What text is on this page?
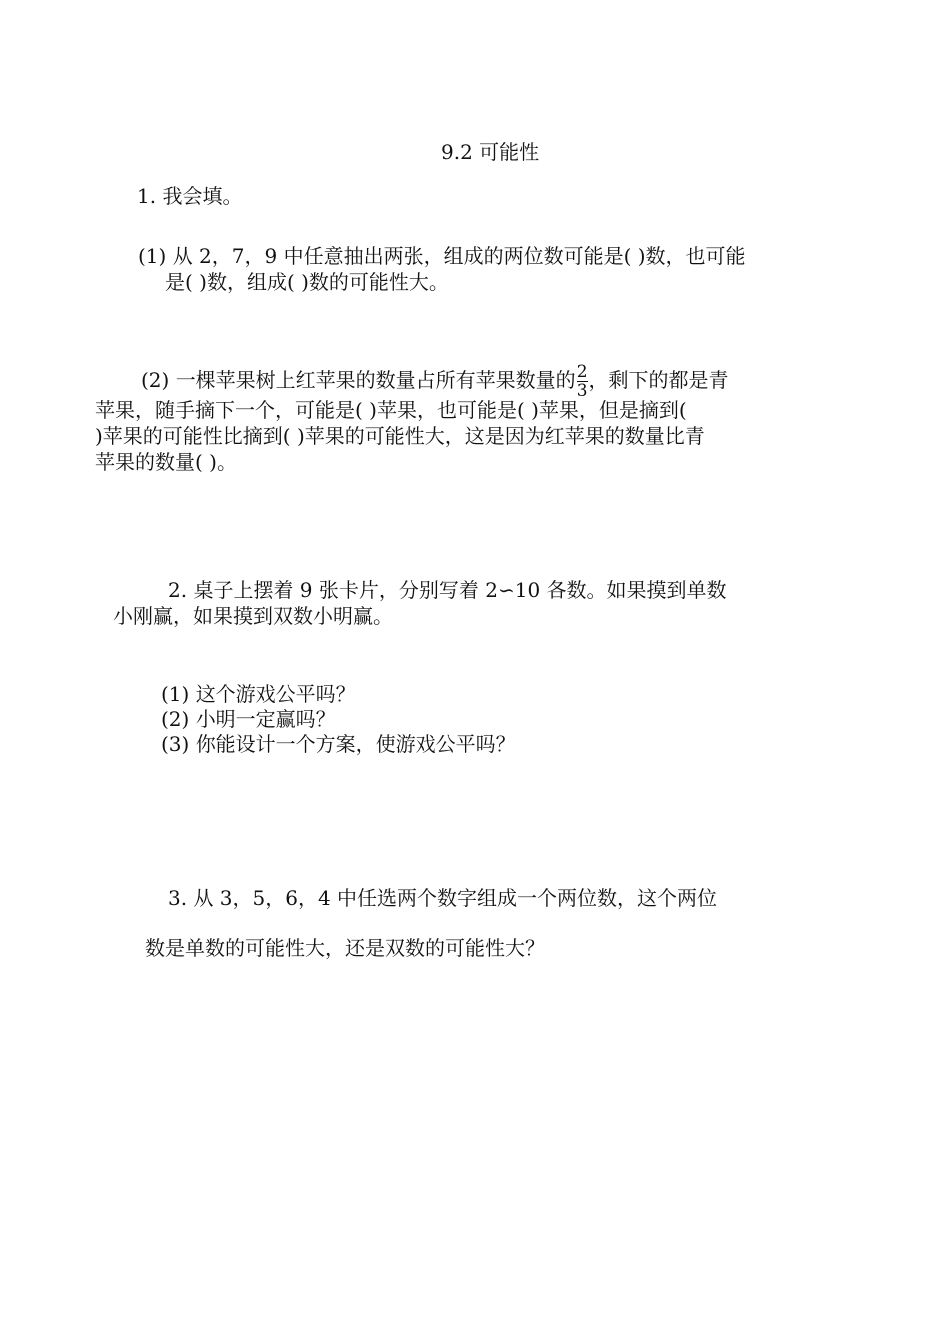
9.2 可能性
1. 我会填。
(1) 从 2，7，9 中任意抽出两张，组成的两位数可能是( )数，也可能
是( )数，组成( )数的可能性大。
(2) 一棵苹果树上红苹果的数量占所有苹果数量的 $\frac{2}{3}$ ，剩下的都是青
苹果，随手摘下一个，可能是( )苹果，也可能是( )苹果，但是摘到(
)苹果的可能性比摘到( )苹果的可能性大，这是因为红苹果的数量比青
苹果的数量( )。
2. 桌子上摆着 9 张卡片，分别写着 2∽10 各数。如果摸到单数
小刚赢，如果摸到双数小明赢。
(1) 这个游戏公平吗？
(2) 小明一定赢吗？
(3) 你能设计一个方案，使游戏公平吗？
3. 从 3，5，6，4 中任选两个数字组成一个两位数，这个两位
数是单数的可能性大，还是双数的可能性大？
